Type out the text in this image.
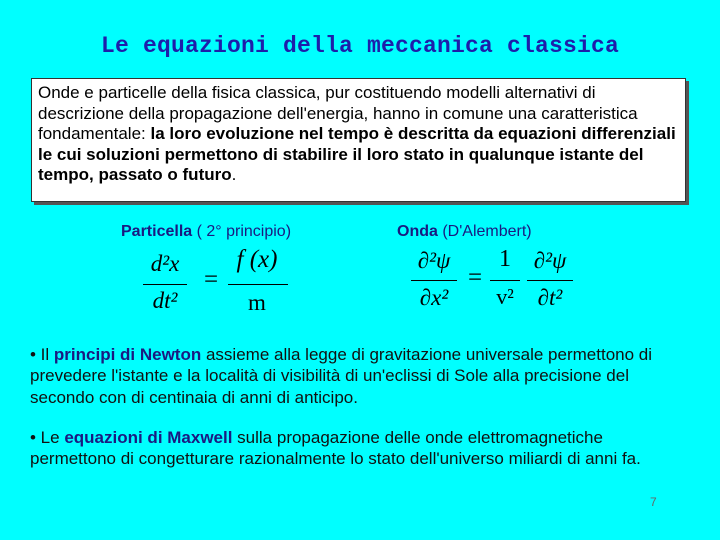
Le equazioni della meccanica classica
Onde e particelle della fisica classica, pur costituendo modelli alternativi di descrizione della propagazione dell'energia, hanno in comune una caratteristica fondamentale: la loro evoluzione nel tempo è descritta da equazioni differenziali le cui soluzioni permettono di stabilire il loro stato in qualunque istante del tempo, passato o futuro.
Particella ( 2° principio)	Onda (D'Alembert)
d²x
dt²
=
f (x)
m
∂²ψ
∂x²
=
1
v²
∂²ψ
∂t²
• Il principi di Newton assieme alla legge di gravitazione universale permettono di prevedere l'istante e la località di visibilità di un'eclissi di Sole alla precisione del secondo con di centinaia di anni di anticipo.
• Le equazioni di Maxwell sulla propagazione delle onde elettromagnetiche permettono di congetturare razionalmente lo stato dell'universo miliardi di anni fa.
7
